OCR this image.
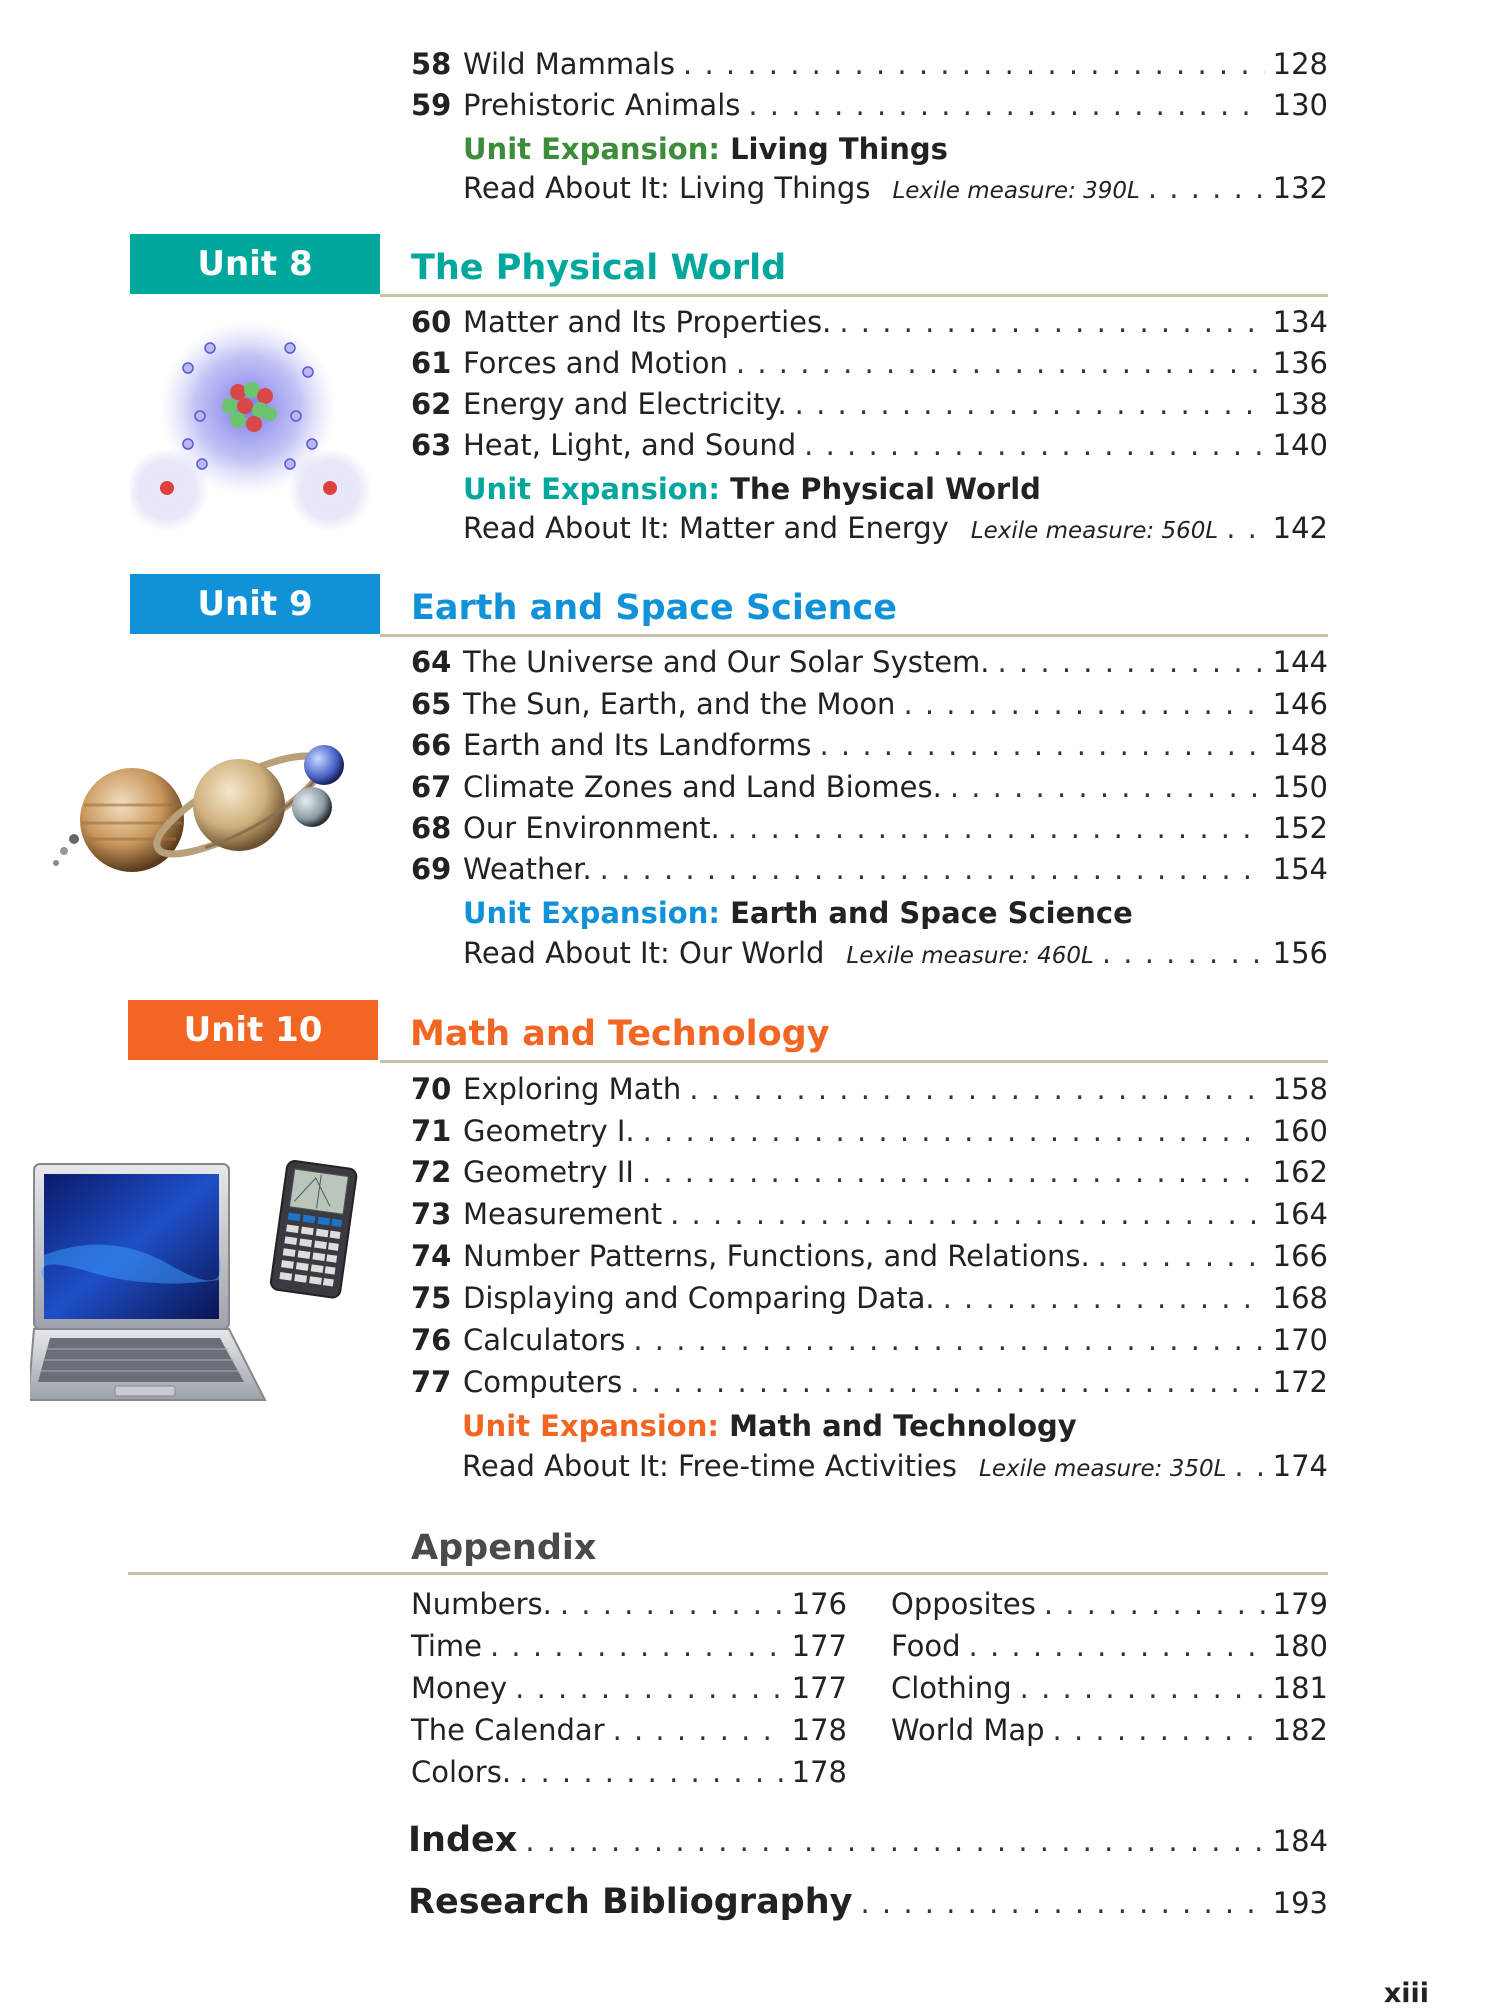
58 Wild Mammals . . .	128
59 Prehistoric Animals . . .	130
Unit Expansion: Living Things
Read About It: Living Things Lexile measure: 390L . . .	132
Unit 8	The Physical World
60 Matter and Its Properties. . . .	134
61 Forces and Motion . . .	136
62 Energy and Electricity. . . .	138
63 Heat, Light, and Sound . . .	140
Unit Expansion: The Physical World
Read About It: Matter and Energy Lexile measure: 560L . . . 142
Unit 9	Earth and Space Science
64 The Universe and Our Solar System. . . .	144
65 The Sun, Earth, and the Moon . . .	146
66 Earth and Its Landforms . . .	148
67 Climate Zones and Land Biomes. . . .	150
68 Our Environment. . . .	152
69 Weather. . . .	154
Unit Expansion: Earth and Space Science
Read About It: Our World Lexile measure: 460L . . .	156
Unit 10	Math and Technology
70 Exploring Math . . .	158
71 Geometry I. . . .	160
72 Geometry II . . .	162
73 Measurement . . .	164
74 Number Patterns, Functions, and Relations. . . .	166
75 Displaying and Comparing Data. . . .	168
76 Calculators . . .	170
77 Computers . . .	172
Unit Expansion: Math and Technology
Read About It: Free-time Activities Lexile measure: 350L . . . 174
Appendix
Numbers. . . .	176
Time . . .	177
Money . . .	177
The Calendar . . .	178
Colors. . . .	178
Opposites . . .	179
Food . . .	180
Clothing . . .	181
World Map . . .	182
Index . . .	184
Research Bibliography . . .	193
xiii
